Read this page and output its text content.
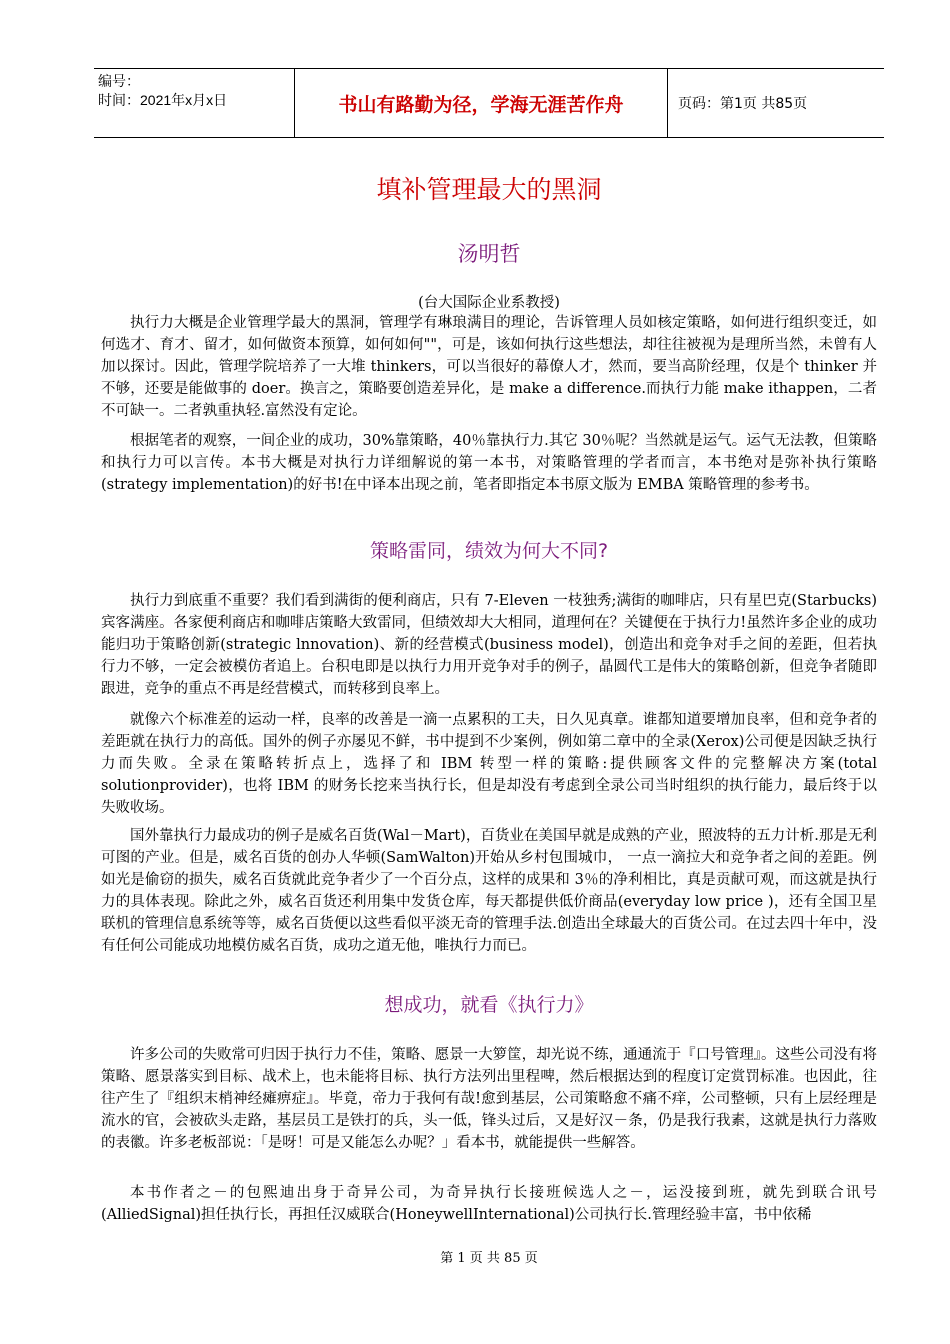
编号：
时间：2021年x月x日	书山有路勤为径，学海无涯苦作舟	页码：第1页 共85页
填补管理最大的黑洞
汤明哲
(台大国际企业系教授)
执行力大概是企业管理学最大的黑洞，管理学有琳琅满目的理论，告诉管理人员如核定策略，如何进行组织变迁，如何选才、育才、留才，如何做资本预算，如何如何""，可是，该如何执行这些想法，却往往被视为是理所当然，未曾有人加以探讨。因此，管理学院培养了一大堆 thinkers，可以当很好的幕僚人才，然而，要当高阶经理，仅是个 thinker 并不够，还要是能做事的 doer。换言之，策略要创造差异化，是 make a difference.而执行力能 make ithappen，二者不可缺一。二者孰重执轻.富然没有定论。
根据笔者的观察，一间企业的成功，30%靠策略，40％靠执行力.其它 30％呢？当然就是运气。运气无法教，但策略和执行力可以言传。本书大概是对执行力详细解说的第一本书，对策略管理的学者而言，本书绝对是弥补执行策略(strategy implementation)的好书!在中译本出现之前，笔者即指定本书原文版为 EMBA 策略管理的参考书。
策略雷同，绩效为何大不同?
执行力到底重不重要？我们看到满街的便利商店，只有 7-Eleven 一枝独秀;满街的咖啡店，只有星巴克(Starbucks)宾客满座。各家便利商店和咖啡店策略大致雷同，但绩效却大大相同，道理何在？关键便在于执行力!虽然许多企业的成功能归功于策略创新(strategic lnnovation)、新的经营模式(business model)，创造出和竞争对手之间的差距，但若执行力不够，一定会被模仿者追上。台积电即是以执行力用开竞争对手的例子，晶圆代工是伟大的策略创新，但竞争者随即跟进，竞争的重点不再是经营模式，而转移到良率上。
就像六个标准差的运动一样，良率的改善是一滴一点累积的工夫，日久见真章。谁都知道要增加良率，但和竞争者的差距就在执行力的高低。国外的例子亦屡见不鲜，书中提到不少案例，例如第二章中的全录(Xerox)公司便是因缺乏执行力而失败。全录在策略转折点上，选择了和 IBM 转型一样的策略:提供顾客文件的完整解决方案(total solutionprovider)，也将 IBM 的财务长挖来当执行长，但是却没有考虑到全录公司当时组织的执行能力，最后终于以失败收场。
国外靠执行力最成功的例子是威名百货(Wal－Mart)，百货业在美国早就是成熟的产业，照波特的五力计析.那是无利可图的产业。但是，威名百货的创办人华顿(SamWalton)开始从乡村包围城巾， 一点一滴拉大和竞争者之间的差距。例如光是偷窃的损失，威名百货就此竞争者少了一个百分点，这样的成果和 3％的净利相比，真是贡献可观，而这就是执行力的具体表现。除此之外，威名百货还利用集中发货仓库，每天都提供低价商品(everyday low price )，还有全国卫星联机的管理信息系统等等，威名百货便以这些看似平淡无奇的管理手法.创造出全球最大的百货公司。在过去四十年中，没有任何公司能成功地模仿威名百货，成功之道无他，唯执行力而已。
想成功，就看《执行力》
许多公司的失败常可归因于执行力不佳，策略、愿景一大箩筐，却光说不练，通通流于『口号管理』。这些公司没有将策略、愿景落实到目标、战术上，也未能将目标、执行方法列出里程啤，然后根据达到的程度订定赏罚标准。也因此，往往产生了『组织末梢神经瘫痹症』。毕竟，帝力于我何有哉!愈到基层，公司策略愈不痛不痒，公司整顿，只有上层经理是流水的官，会被砍头走路，基层员工是铁打的兵，头一低，锋头过后，又是好汉－条，仍是我行我素，这就是执行力落败的表徽。许多老板部说：「是呀！可是又能怎么办呢？」看本书，就能提供一些解答。
本书作者之－的包熙迪出身于奇异公司，为奇异执行长接班候选人之－，运没接到班，就先到联合讯号(AlliedSignal)担任执行长，再担任汉威联合(HoneywellInternational)公司执行长.管理经验丰富，书中依稀
第 1 页 共 85 页
